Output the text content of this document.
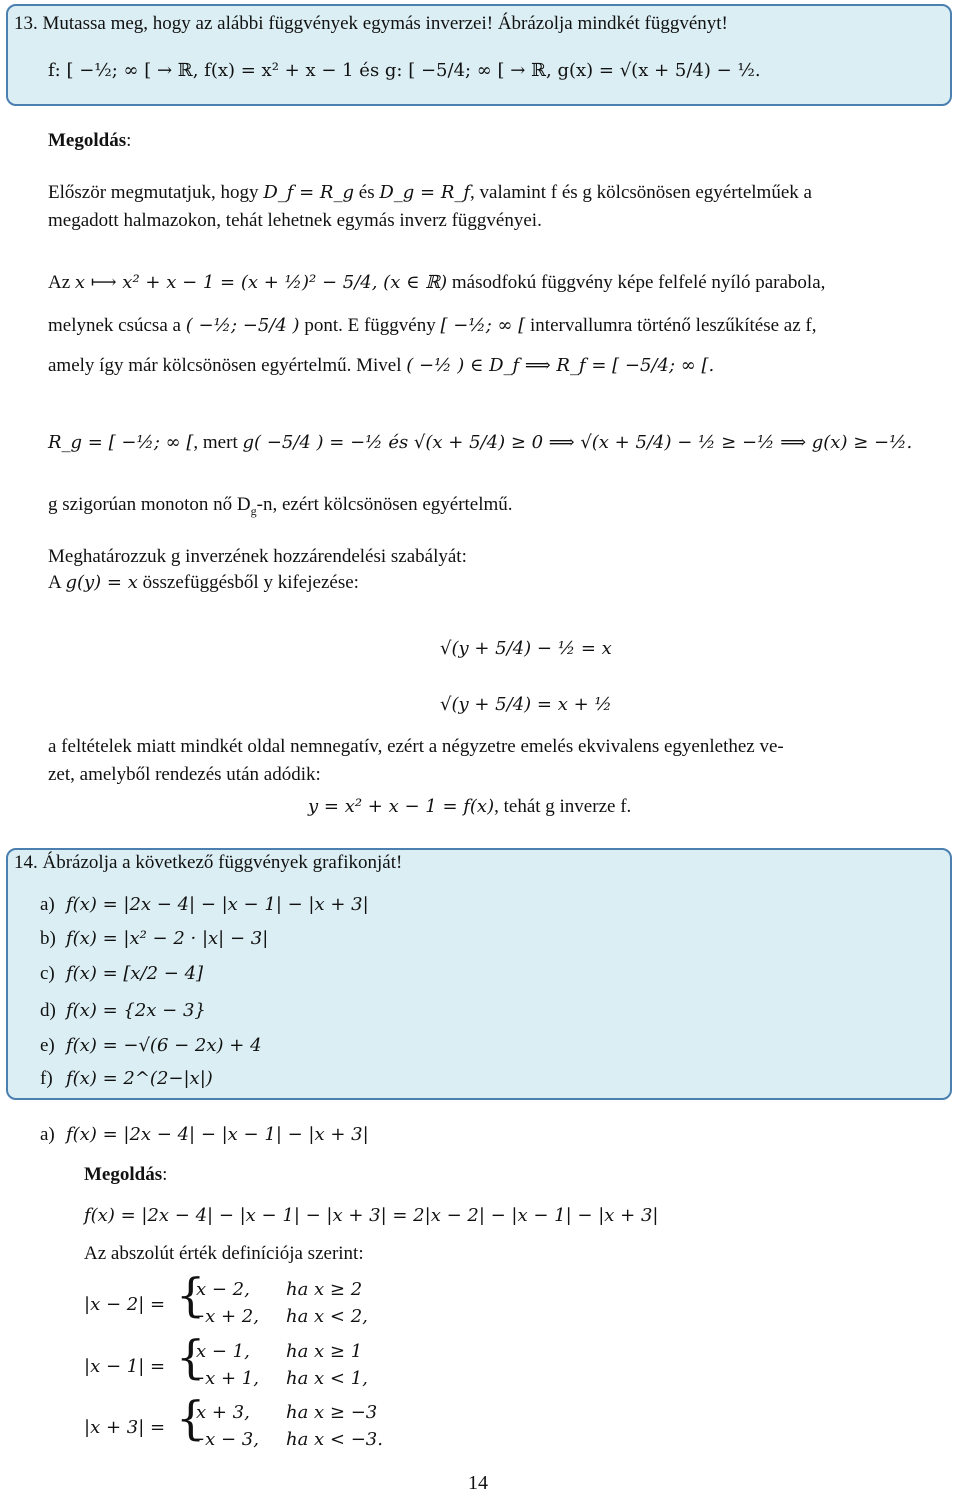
13. Mutassa meg, hogy az alábbi függvények egymás inverzei! Ábrázolja mindkét függvényt!
f: [ −½; ∞ [ → ℝ, f(x) = x² + x − 1 és g: [ −5/4; ∞ [ → ℝ, g(x) = √(x + 5/4) − ½.
Megoldás:
Először megmutatjuk, hogy D_f = R_g és D_g = R_f, valamint f és g kölcsönösen egyértelműek a
megadott halmazokon, tehát lehetnek egymás inverz függvényei.
Az x ⟼ x² + x − 1 = (x + ½)² − 5/4, (x ∈ ℝ) másodfokú függvény képe felfelé nyíló parabola,
melynek csúcsa a ( −½; −5/4 ) pont. E függvény [ −½; ∞ [ intervallumra történő leszűkítése az f,
amely így már kölcsönösen egyértelmű. Mivel ( −½ ) ∈ D_f ⟹ R_f = [ −5/4; ∞ [.
R_g = [ −½; ∞ [, mert g( −5/4 ) = −½ és √(x + 5/4) ≥ 0 ⟹ √(x + 5/4) − ½ ≥ −½ ⟹ g(x) ≥ −½.
g szigorúan monoton nő $D_g-n$, ezért kölcsönösen egyértelmű.
Meghatározzuk g inverzének hozzárendelési szabályát:
A g(y) = x összefüggésből y kifejezése:
√(y + 5/4) − ½ = x
√(y + 5/4) = x + ½
a feltételek miatt mindkét oldal nemnegatív, ezért a négyzetre emelés ekvivalens egyenlethez ve-
zet, amelyből rendezés után adódik:
y = x² + x − 1 = f(x), tehát g inverze f.
14. Ábrázolja a következő függvények grafikonját!
a) f(x) = |2x − 4| − |x − 1| − |x + 3|
b) f(x) = |x² − 2 · |x| − 3|
c) f(x) = [x/2 − 4]
d) f(x) = {2x − 3}
e) f(x) = −√(6 − 2x) + 4
f) f(x) = 2^(2−|x|)
a) f(x) = |2x − 4| − |x − 1| − |x + 3|
Megoldás:
f(x) = |2x − 4| − |x − 1| − |x + 3| = 2|x − 2| − |x − 1| − |x + 3|
Az abszolút érték definíciója szerint:
|x − 2| = {
x − 2, ha x ≥ 2
−x + 2, ha x < 2,
|x − 1| = {
x − 1, ha x ≥ 1
−x + 1, ha x < 1,
|x + 3| = {
x + 3, ha x ≥ −3
−x − 3, ha x < −3.
14
